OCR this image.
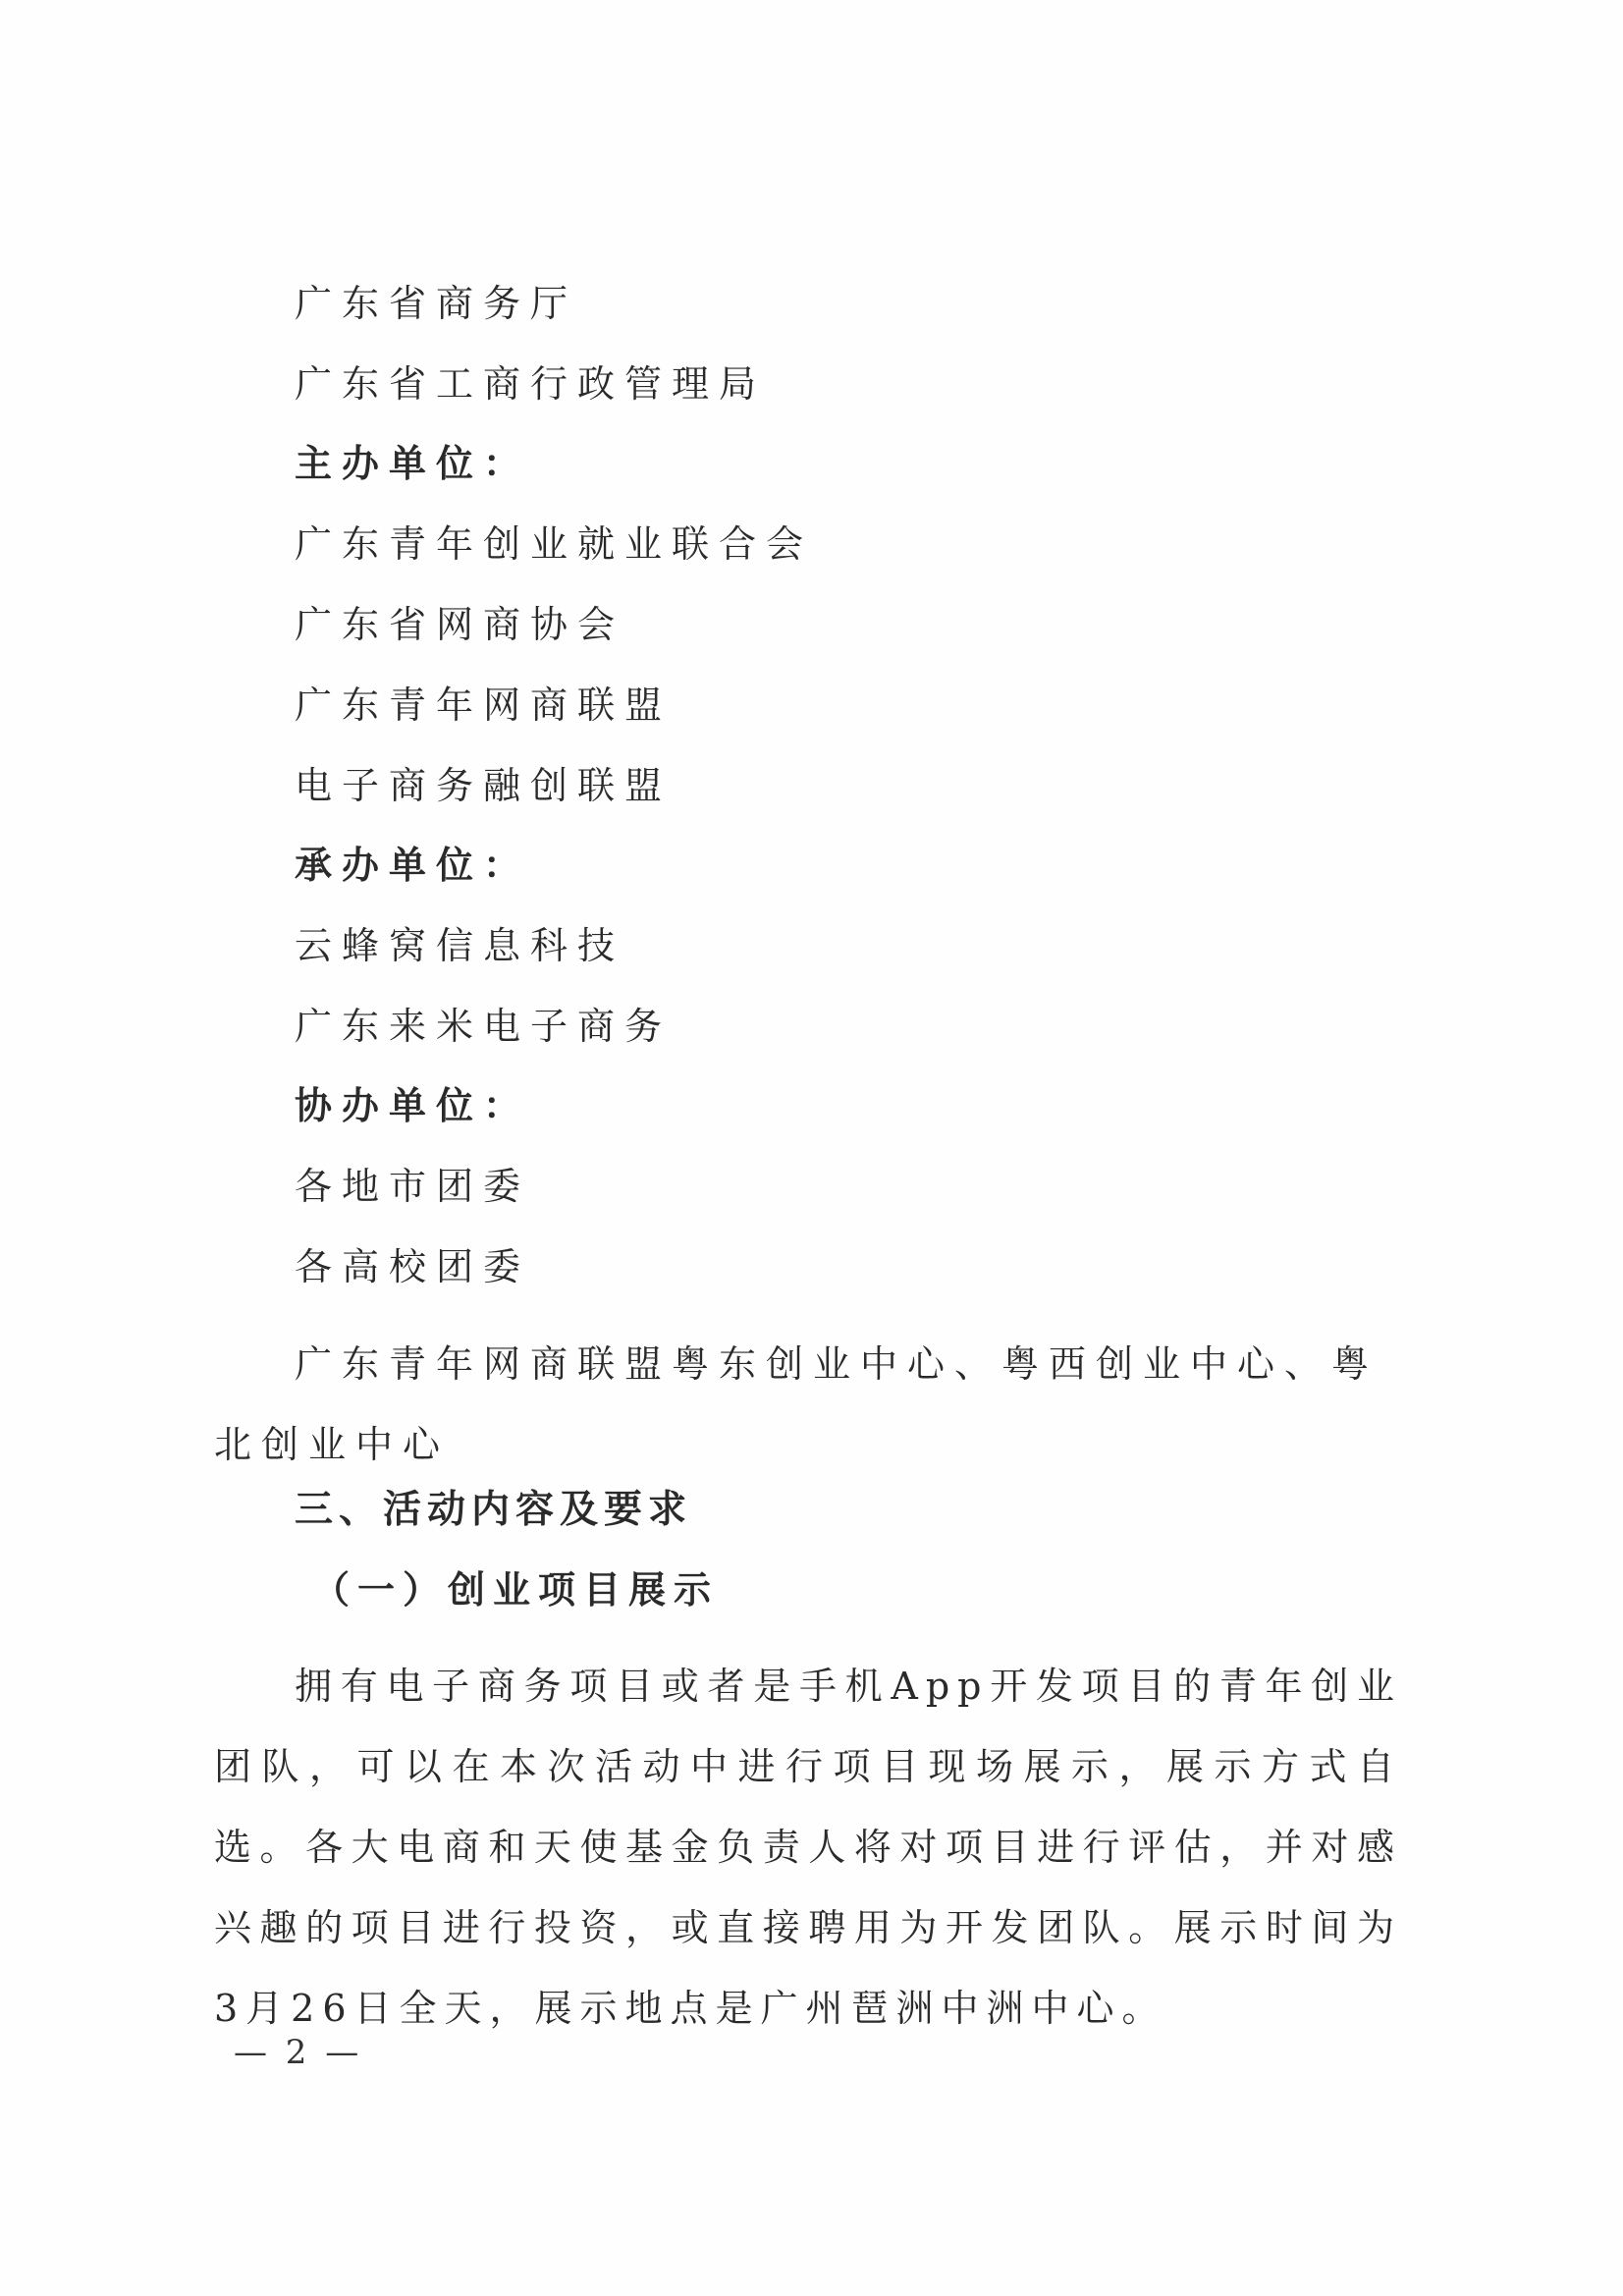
广东省商务厅
广东省工商行政管理局
主办单位：
广东青年创业就业联合会
广东省网商协会
广东青年网商联盟
电子商务融创联盟
承办单位：
云蜂窝信息科技
广东来米电子商务
协办单位：
各地市团委
各高校团委
广东青年网商联盟粤东创业中心、粤西创业中心、粤北创业中心
三、活动内容及要求
（一）创业项目展示
拥有电子商务项目或者是手机App开发项目的青年创业团队，可以在本次活动中进行项目现场展示，展示方式自选。各大电商和天使基金负责人将对项目进行评估，并对感兴趣的项目进行投资，或直接聘用为开发团队。展示时间为3月26日全天，展示地点是广州琶洲中洲中心。
— 2 —
